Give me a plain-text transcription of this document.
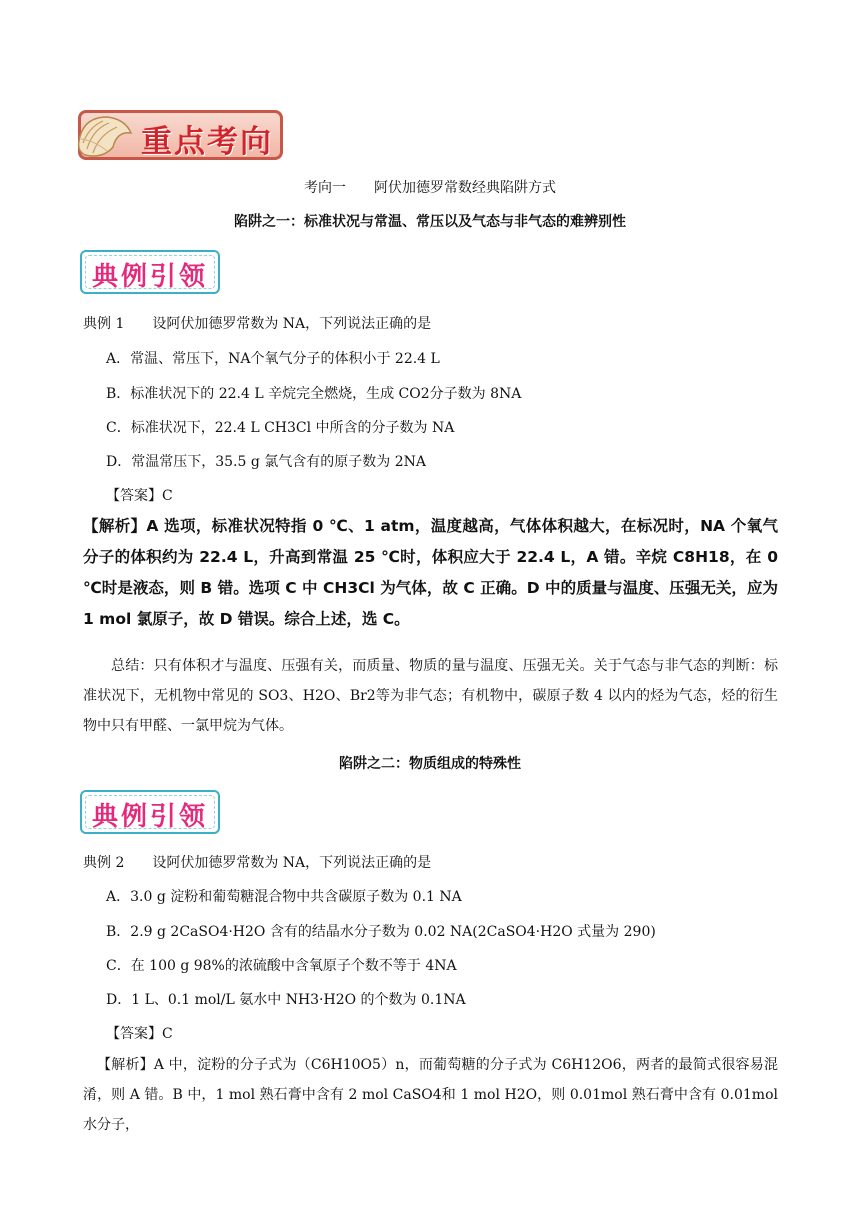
重点考向
考向一　　阿伏加德罗常数经典陷阱方式
陷阱之一：标准状况与常温、常压以及气态与非气态的难辨别性
典例引领
典例 1　　设阿伏加德罗常数为 NA，下列说法正确的是
A．常温、常压下，NA个氧气分子的体积小于 22.4 L
B．标准状况下的 22.4 L 辛烷完全燃烧，生成 CO2分子数为 8NA
C．标准状况下，22.4 L CH3Cl 中所含的分子数为 NA
D．常温常压下，35.5 g 氯气含有的原子数为 2NA
【答案】C
【解析】A 选项，标准状况特指 0 ℃、1 atm，温度越高，气体体积越大，在标况时，NA 个氧气分子的体积约为 22.4 L，升高到常温 25 ℃时，体积应大于 22.4 L，A 错。辛烷 C8H18，在 0 ℃时是液态，则 B 错。选项 C 中 CH3Cl 为气体，故 C 正确。D 中的质量与温度、压强无关，应为 1 mol 氯原子，故 D 错误。综合上述，选 C。
总结：只有体积才与温度、压强有关，而质量、物质的量与温度、压强无关。关于气态与非气态的判断：标准状况下，无机物中常见的 SO3、H2O、Br2等为非气态；有机物中，碳原子数 4 以内的烃为气态，烃的衍生物中只有甲醛、一氯甲烷为气体。
陷阱之二：物质组成的特殊性
典例引领
典例 2　　设阿伏加德罗常数为 NA，下列说法正确的是
A．3.0 g 淀粉和葡萄糖混合物中共含碳原子数为 0.1 NA
B．2.9 g 2CaSO4·H2O 含有的结晶水分子数为 0.02 NA(2CaSO4·H2O 式量为 290)
C．在 100 g 98%的浓硫酸中含氧原子个数不等于 4NA
D．1 L、0.1 mol/L 氨水中 NH3·H2O 的个数为 0.1NA
【答案】C
【解析】A 中，淀粉的分子式为（C6H10O5）n，而葡萄糖的分子式为 C6H12O6，两者的最简式很容易混淆，则 A 错。B 中，1 mol 熟石膏中含有 2 mol CaSO4和 1 mol H2O，则 0.01mol 熟石膏中含有 0.01mol 水分子，
